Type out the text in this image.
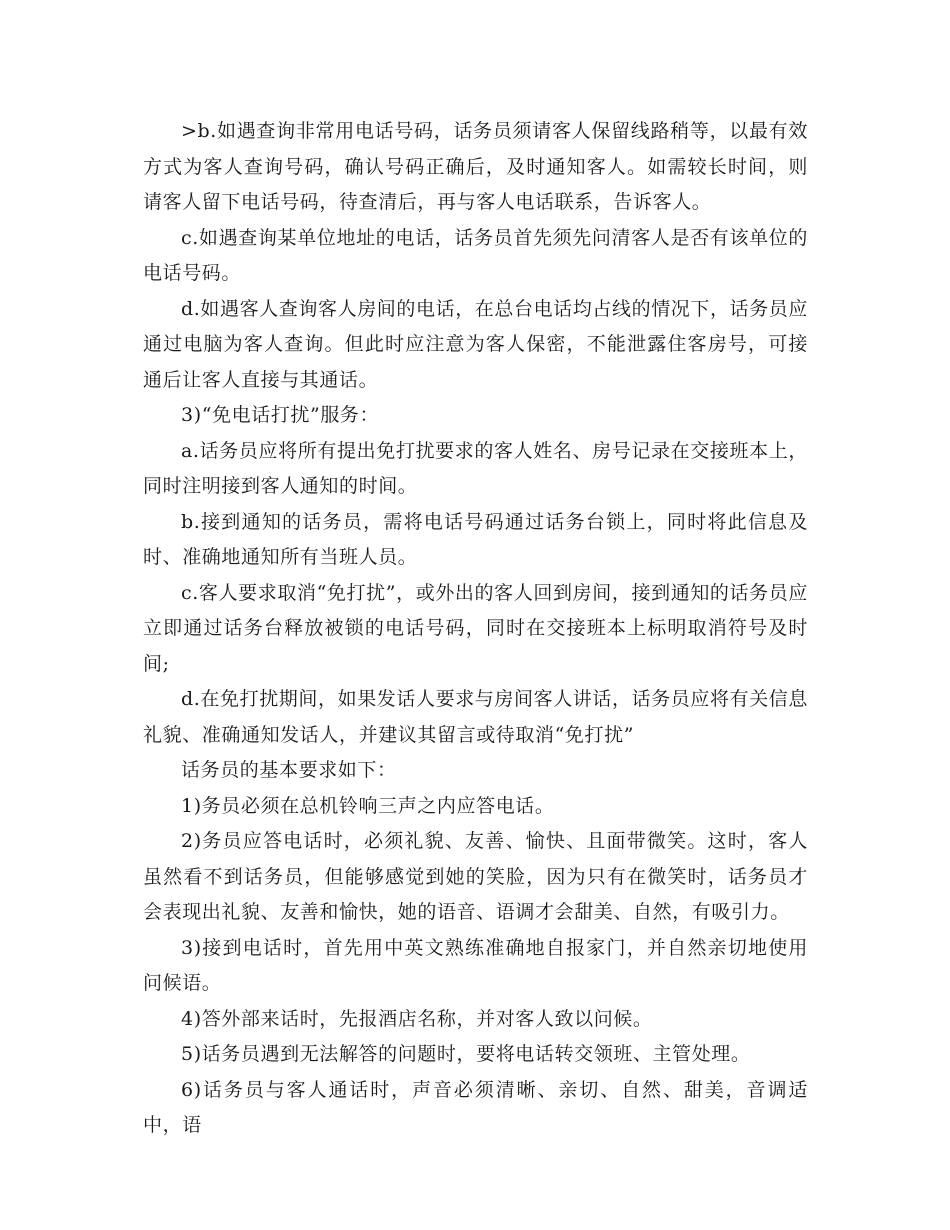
>b.如遇查询非常用电话号码，话务员须请客人保留线路稍等，以最有效方式为客人查询号码，确认号码正确后，及时通知客人。如需较长时间，则请客人留下电话号码，待查清后，再与客人电话联系，告诉客人。

c.如遇查询某单位地址的电话，话务员首先须先问清客人是否有该单位的电话号码。

d.如遇客人查询客人房间的电话，在总台电话均占线的情况下，话务员应通过电脑为客人查询。但此时应注意为客人保密，不能泄露住客房号，可接通后让客人直接与其通话。

3)“免电话打扰”服务：

a.话务员应将所有提出免打扰要求的客人姓名、房号记录在交接班本上，同时注明接到客人通知的时间。

b.接到通知的话务员，需将电话号码通过话务台锁上，同时将此信息及时、准确地通知所有当班人员。

c.客人要求取消“免打扰”，或外出的客人回到房间，接到通知的话务员应立即通过话务台释放被锁的电话号码，同时在交接班本上标明取消符号及时间;

d.在免打扰期间，如果发话人要求与房间客人讲话，话务员应将有关信息礼貌、准确通知发话人，并建议其留言或待取消“免打扰”

话务员的基本要求如下：

1)务员必须在总机铃响三声之内应答电话。

2)务员应答电话时，必须礼貌、友善、愉快、且面带微笑。这时，客人虽然看不到话务员，但能够感觉到她的笑脸，因为只有在微笑时，话务员才会表现出礼貌、友善和愉快，她的语音、语调才会甜美、自然，有吸引力。

3)接到电话时，首先用中英文熟练准确地自报家门，并自然亲切地使用问候语。

4)答外部来话时，先报酒店名称，并对客人致以问候。

5)话务员遇到无法解答的问题时，要将电话转交领班、主管处理。

6)话务员与客人通话时，声音必须清晰、亲切、自然、甜美，音调适中，语
